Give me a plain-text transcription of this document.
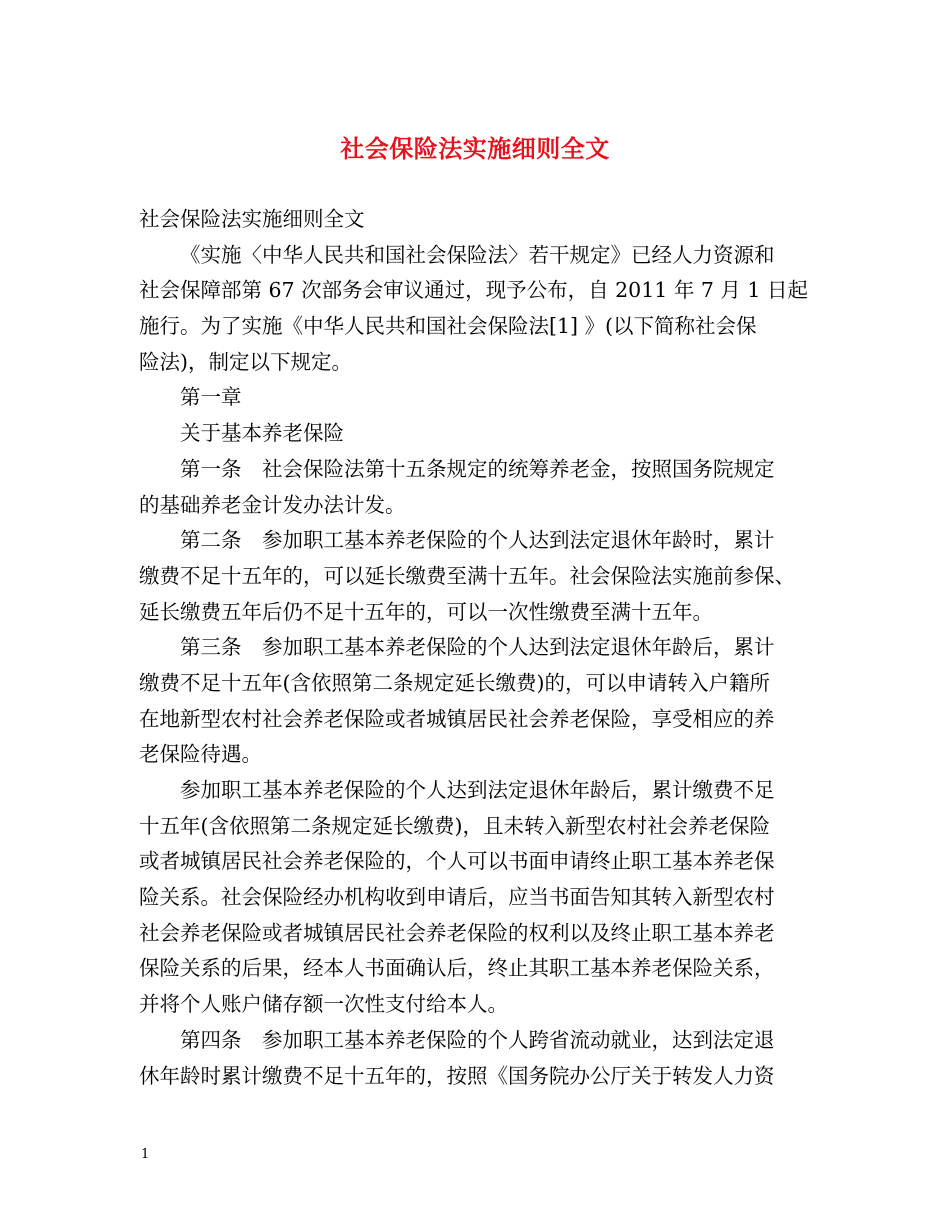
社会保险法实施细则全文
社会保险法实施细则全文
《实施〈中华人民共和国社会保险法〉若干规定》已经人力资源和
社会保障部第 67 次部务会审议通过，现予公布，自 2011 年 7 月 1 日起
施行。为了实施《中华人民共和国社会保险法[1] 》(以下简称社会保
险法)，制定以下规定。
第一章
关于基本养老保险
第一条　社会保险法第十五条规定的统筹养老金，按照国务院规定
的基础养老金计发办法计发。
第二条　参加职工基本养老保险的个人达到法定退休年龄时，累计
缴费不足十五年的，可以延长缴费至满十五年。社会保险法实施前参保、
延长缴费五年后仍不足十五年的，可以一次性缴费至满十五年。
第三条　参加职工基本养老保险的个人达到法定退休年龄后，累计
缴费不足十五年(含依照第二条规定延长缴费)的，可以申请转入户籍所
在地新型农村社会养老保险或者城镇居民社会养老保险，享受相应的养
老保险待遇。
参加职工基本养老保险的个人达到法定退休年龄后，累计缴费不足
十五年(含依照第二条规定延长缴费)，且未转入新型农村社会养老保险
或者城镇居民社会养老保险的，个人可以书面申请终止职工基本养老保
险关系。社会保险经办机构收到申请后，应当书面告知其转入新型农村
社会养老保险或者城镇居民社会养老保险的权利以及终止职工基本养老
保险关系的后果，经本人书面确认后，终止其职工基本养老保险关系，
并将个人账户储存额一次性支付给本人。
第四条　参加职工基本养老保险的个人跨省流动就业，达到法定退
休年龄时累计缴费不足十五年的，按照《国务院办公厅关于转发人力资
1
